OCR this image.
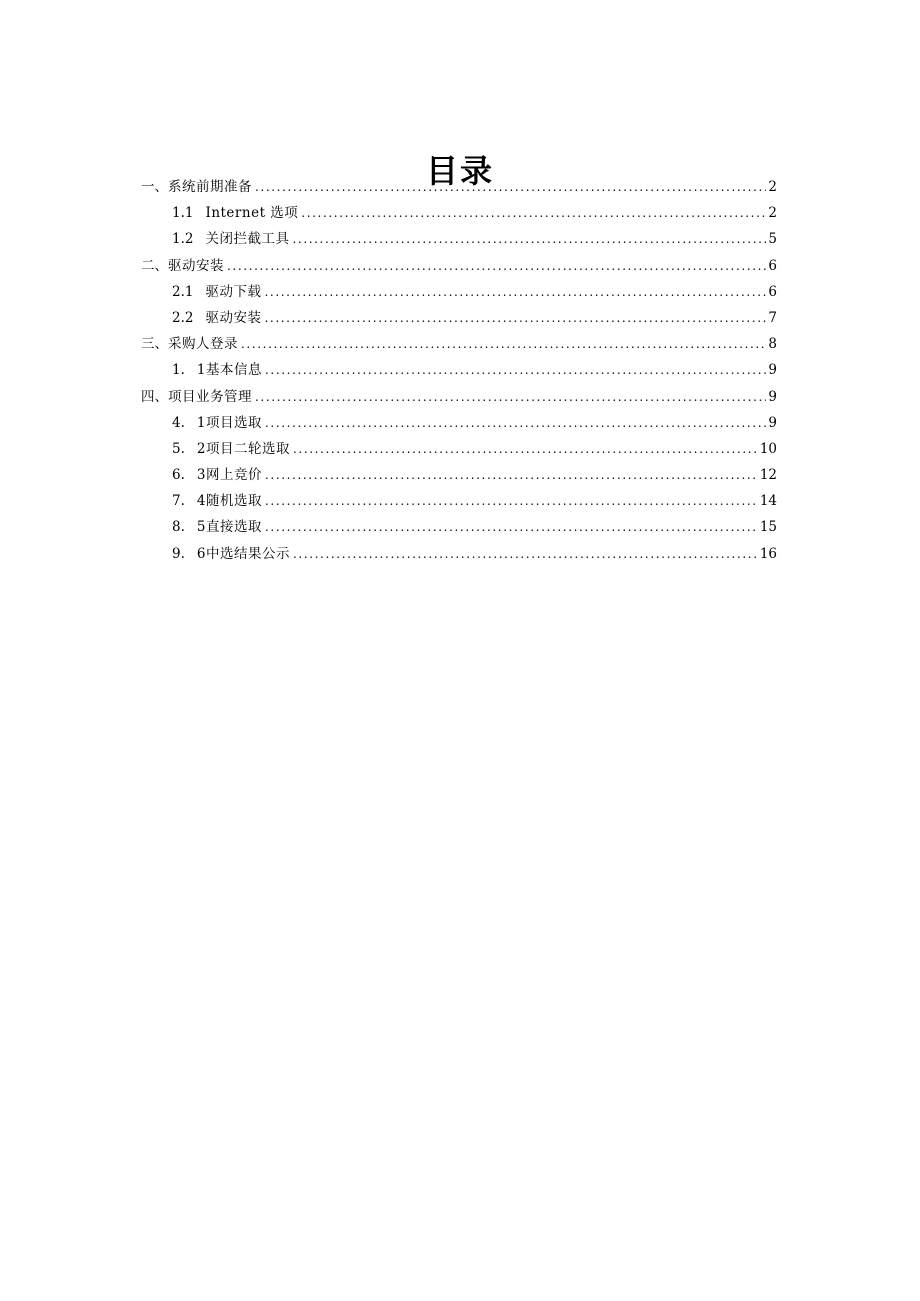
目录
一、 系统前期准备 .....	2
1.1 Internet 选项 .....	2
1.2 关闭拦截工具 .....	5
二、 驱动安装 .....	6
2.1 驱动下载 .....	6
2.2 驱动安装 .....	7
三、 采购人登录 .....	8
1. 1基本信息 .....	9
四、 项目业务管理 .....	9
4. 1项目选取 .....	9
5. 2项目二轮选取 .....	10
6. 3网上竞价 .....	12
7. 4随机选取 .....	14
8. 5直接选取 .....	15
9. 6中选结果公示 .....	16
